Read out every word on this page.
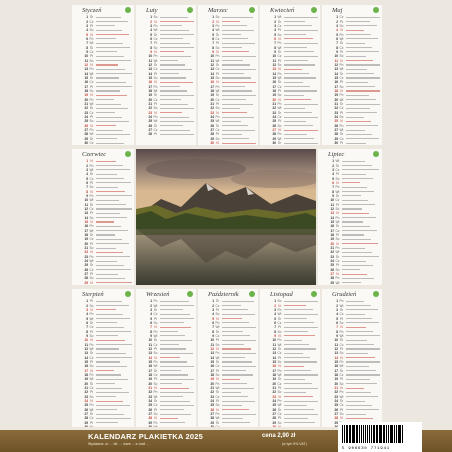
Styczeń
1 Śr
2 Cz
3 Pt
4 So
5 N
6 Pn
7 Wt
8 Śr
9 Cz
10 Pt
11 So
12 N
13 Pn
14 Wt
15 Śr
16 Cz
17 Pt
18 So
19 N
20 Pn
21 Wt
22 Śr
23 Cz
24 Pt
25 So
26 N
27 Pn
28 Wt
29 Śr
30 Cz
Luty
1 So
2 N
3 Pn
4 Wt
5 Śr
6 Cz
7 Pt
8 So
9 N
10 Pn
11 Wt
12 Śr
13 Cz
14 Pt
15 So
16 N
17 Pn
18 Wt
19 Śr
20 Cz
21 Pt
22 So
23 N
24 Pn
25 Wt
26 Śr
27 Cz
28 Pt
Marzec
1 So
2 N
3 Pn
4 Wt
5 Śr
6 Cz
7 Pt
8 So
9 N
10 Pn
11 Wt
12 Śr
13 Cz
14 Pt
15 So
16 N
17 Pn
18 Wt
19 Śr
20 Cz
21 Pt
22 So
23 N
24 Pn
25 Wt
26 Śr
27 Cz
28 Pt
29 So
30 N
Kwiecień
1 Wt
2 Śr
3 Cz
4 Pt
5 So
6 N
7 Pn
8 Wt
9 Śr
10 Cz
11 Pt
12 So
13 N
14 Pn
15 Wt
16 Śr
17 Cz
18 Pt
19 So
20 N
21 Pn
22 Wt
23 Śr
24 Cz
25 Pt
26 So
27 N
28 Pn
29 Wt
30 Śr
Maj
1 Cz
2 Pt
3 So
4 N
5 Pn
6 Wt
7 Śr
8 Cz
9 Pt
10 So
11 N
12 Pn
13 Wt
14 Śr
15 Cz
16 Pt
17 So
18 N
19 Pn
20 Wt
21 Śr
22 Cz
23 Pt
24 So
25 N
26 Pn
27 Wt
28 Śr
29 Cz
30 Pt
Czerwiec
1 N
2 Pn
3 Wt
4 Śr
5 Cz
6 Pt
7 So
8 N
9 Pn
10 Wt
11 Śr
12 Cz
13 Pt
14 So
15 N
16 Pn
17 Wt
18 Śr
19 Cz
20 Pt
21 So
22 N
23 Pn
24 Wt
25 Śr
26 Cz
27 Pt
28 So
29 N
Lipiec
1 Wt
2 Śr
3 Cz
4 Pt
5 So
6 N
7 Pn
8 Wt
9 Śr
10 Cz
11 Pt
12 So
13 N
14 Pn
15 Wt
16 Śr
17 Cz
18 Pt
19 So
20 N
21 Pn
22 Wt
23 Śr
24 Cz
25 Pt
26 So
27 N
28 Pn
29 Wt
Sierpień
1 Pt
2 So
3 N
4 Pn
5 Wt
6 Śr
7 Cz
8 Pt
9 So
10 N
11 Pn
12 Wt
13 Śr
14 Cz
15 Pt
16 So
17 N
18 Pn
19 Wt
20 Śr
21 Cz
22 Pt
23 So
24 N
25 Pn
26 Wt
27 Śr
28 Cz
29 Pt
Wrzesień
1 Pn
2 Wt
3 Śr
4 Cz
5 Pt
6 So
7 N
8 Pn
9 Wt
10 Śr
11 Cz
12 Pt
13 So
14 N
15 Pn
16 Wt
17 Śr
18 Cz
19 Pt
20 So
21 N
22 Pn
23 Wt
24 Śr
25 Cz
26 Pt
27 So
28 N
29 Pn
Październik
1 Śr
2 Cz
3 Pt
4 So
5 N
6 Pn
7 Wt
8 Śr
9 Cz
10 Pt
11 So
12 N
13 Pn
14 Wt
15 Śr
16 Cz
17 Pt
18 So
19 N
20 Pn
21 Wt
22 Śr
23 Cz
24 Pt
25 So
26 N
27 Pn
28 Wt
29 Śr
Listopad
1 So
2 N
3 Pn
4 Wt
5 Śr
6 Cz
7 Pt
8 So
9 N
10 Pn
11 Wt
12 Śr
13 Cz
14 Pt
15 So
16 N
17 Pn
18 Wt
19 Śr
20 Cz
21 Pt
22 So
23 N
24 Pn
25 Wt
26 Śr
27 Cz
28 Pt
29 So
Grudzień
1 Pn
2 Wt
3 Śr
4 Cz
5 Pt
6 So
7 N
8 Pn
9 Wt
10 Śr
11 Cz
12 Pt
13 So
14 N
15 Pn
16 Wt
17 Śr
18 Cz
19 Pt
20 So
21 N
22 Pn
23 Wt
24 Śr
25 Cz
26 Pt
27 So
28 N
29
KALENDARZ PLAKIETKA 2025
Wydawca: ul. ... tel. ... www ... e-mail ...
cena 2,90 zł
(w tym 5% VAT)
5 906630 771941
